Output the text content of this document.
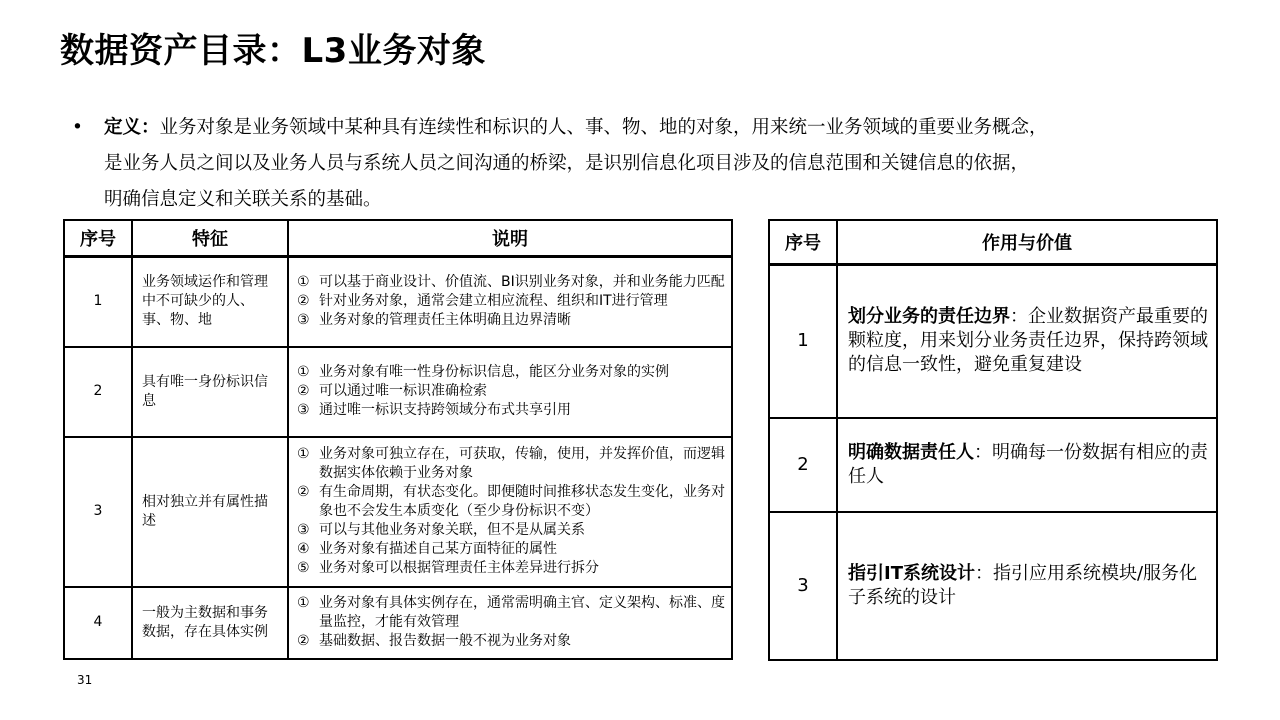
数据资产目录：L3业务对象
• 定义：业务对象是业务领域中某种具有连续性和标识的人、事、物、地的对象，用来统一业务领域的重要业务概念，
是业务人员之间以及业务人员与系统人员之间沟通的桥梁，是识别信息化项目涉及的信息范围和关键信息的依据，
明确信息定义和关联关系的基础。
序号	特征	说明
1	业务领域运作和管理中不可缺少的人、事、物、地	① 可以基于商业设计、价值流、BI识别业务对象，并和业务能力匹配
② 针对业务对象，通常会建立相应流程、组织和IT进行管理
③ 业务对象的管理责任主体明确且边界清晰

2	具有唯一身份标识信息	① 业务对象有唯一性身份标识信息，能区分业务对象的实例
② 可以通过唯一标识准确检索
③ 通过唯一标识支持跨领域分布式共享引用

3	相对独立并有属性描述	① 业务对象可独立存在，可获取，传输，使用，并发挥价值，而逻辑数据实体依赖于业务对象
② 有生命周期，有状态变化。即便随时间推移状态发生变化，业务对象也不会发生本质变化（至少身份标识不变）
③ 可以与其他业务对象关联，但不是从属关系
④ 业务对象有描述自己某方面特征的属性
⑤ 业务对象可以根据管理责任主体差异进行拆分

4	一般为主数据和事务数据，存在具体实例	① 业务对象有具体实例存在，通常需明确主官、定义架构、标准、度量监控，才能有效管理
② 基础数据、报告数据一般不视为业务对象
序号	作用与价值
1	划分业务的责任边界：企业数据资产最重要的颗粒度，用来划分业务责任边界，保持跨领域的信息一致性，避免重复建设
2	明确数据责任人：明确每一份数据有相应的责任人
3	指引IT系统设计：指引应用系统模块/服务化子系统的设计
31
